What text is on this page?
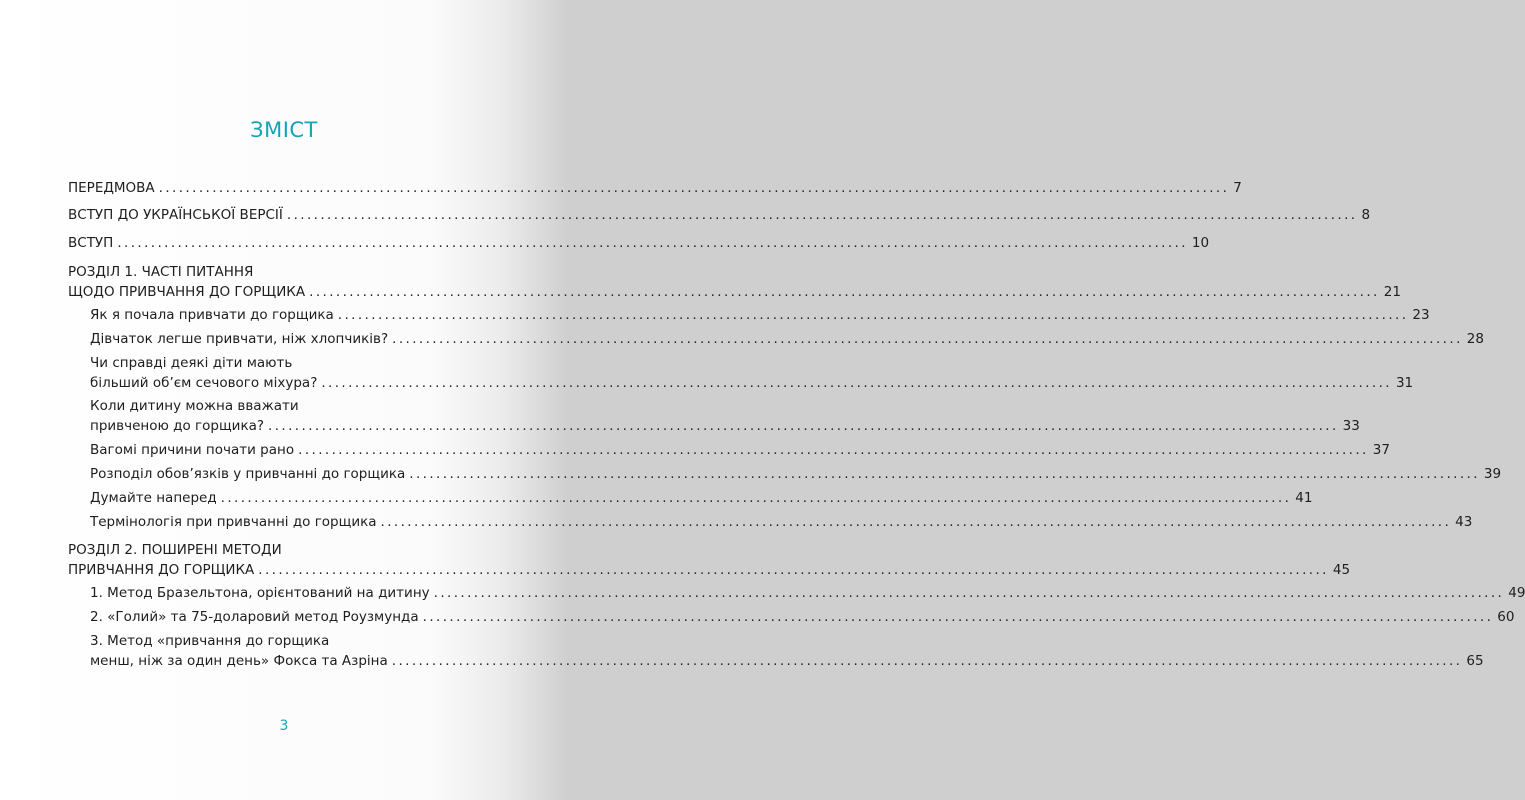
ЗМІСТ
ПЕРЕДМОВА ................................................................................................................................................................ 7
ВСТУП ДО УКРАЇНСЬКОЇ ВЕРСІЇ ................................................................................................................................................................ 8
ВСТУП ................................................................................................................................................................ 10
РОЗДІЛ 1. ЧАСТІ ПИТАННЯ
ЩОДО ПРИВЧАННЯ ДО ГОРЩИКА ................................................................................................................................................................ 21
Як я почала привчати до горщика ................................................................................................................................................................ 23
Дівчаток легше привчати, ніж хлопчиків? ................................................................................................................................................................ 28
Чи справді деякі діти мають
більший об’єм сечового міхура? ................................................................................................................................................................ 31
Коли дитину можна вважати
привченою до горщика? ................................................................................................................................................................ 33
Вагомі причини почати рано ................................................................................................................................................................ 37
Розподіл обов’язків у привчанні до горщика ................................................................................................................................................................ 39
Думайте наперед ................................................................................................................................................................ 41
Термінологія при привчанні до горщика ................................................................................................................................................................ 43
РОЗДІЛ 2. ПОШИРЕНІ МЕТОДИ
ПРИВЧАННЯ ДО ГОРЩИКА ................................................................................................................................................................ 45
1. Метод Бразельтона, орієнтований на дитину ................................................................................................................................................................ 49
2. «Голий» та 75-доларовий метод Роузмунда ................................................................................................................................................................ 60
3. Метод «привчання до горщика
менш, ніж за один день» Фокса та Азріна ................................................................................................................................................................ 65
3
